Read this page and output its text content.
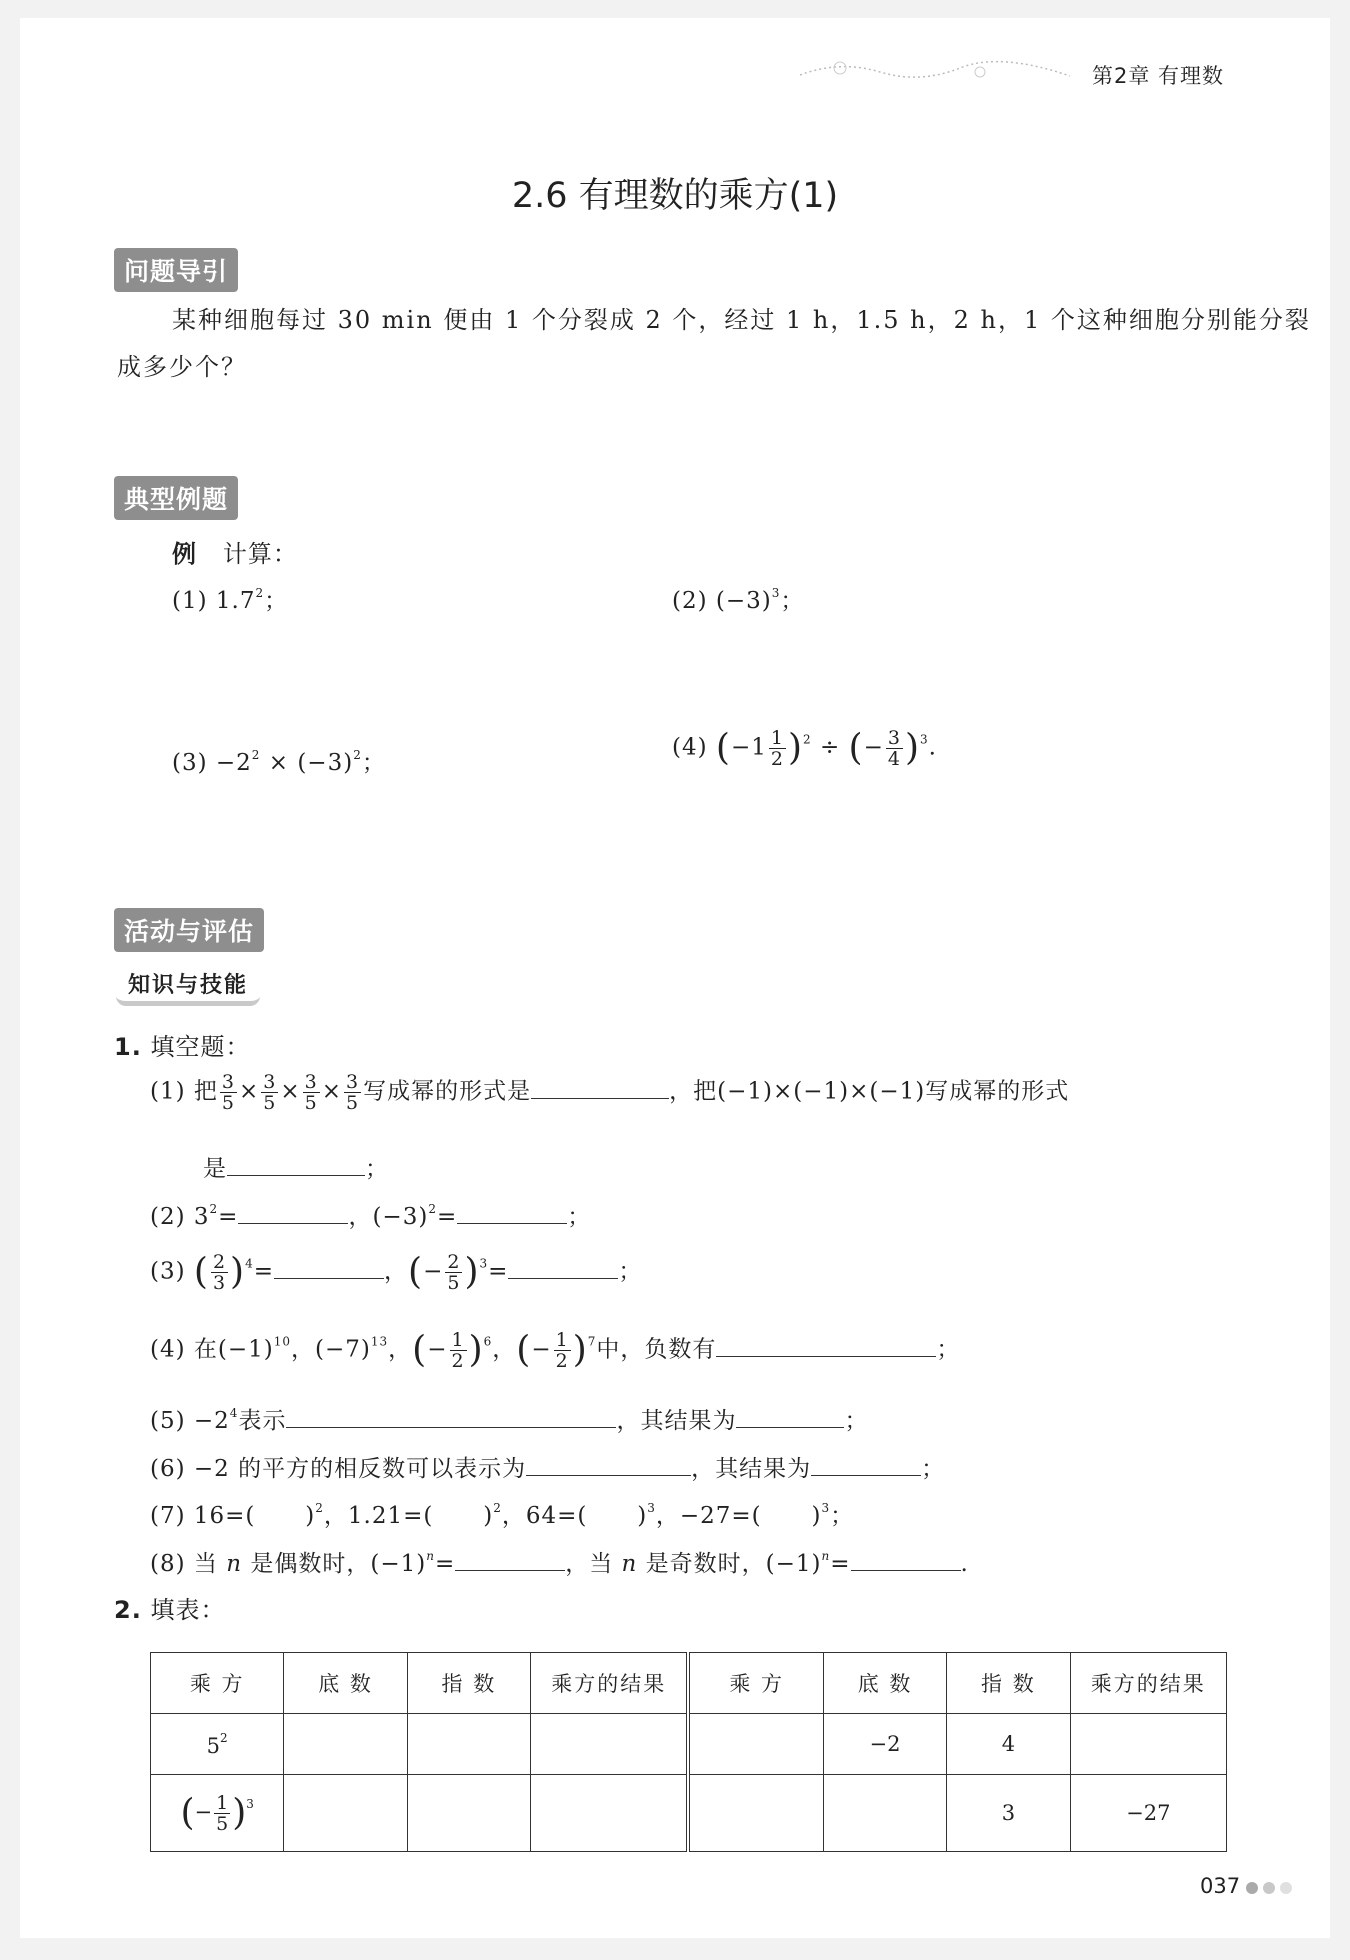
第2章 有理数
2.6 有理数的乘方(1)
问题导引
某种细胞每过 30 min 便由 1 个分裂成 2 个，经过 1 h，1.5 h，2 h，1 个这种细胞分别能分裂
成多少个？
典型例题
例 计算：
(1) $1.7^2$；	(2) $(-3)^3$；
$(3) -2^2 \times (-3)^2$；
(4) $(-1 \frac{1}{2} )^2$ ÷ (− $\frac{3}{4} )^3$.
活动与评估
知识与技能
1. 填空题：
(1) 把 $\frac{3}{5} \times \frac{3}{5} \times \frac{3}{5} \times \frac{3}{5}$ 写成幂的形式是	，把(−1)×(−1)×(−1)写成幂的形式
是	；
(2) $3^2=$	，$(-3)^2=$	；
(3) ( $\frac{2}{3} )^4=$	，(− $\frac{2}{5} )^3=$	；
(4) 在$(-1)^{10}$，$(-7)^{13}$，(− $\frac{1}{2} )^6$，(− $\frac{1}{2} )^7$中，负数有	；
$(5) -2^4$表示	，其结果为	；
(6) −2 的平方的相反数可以表示为	，其结果为	；
(7) 16=( )$^2$，1.21=(      )$^2$，64=(      )$^3$，−27=(      )$^3$；
(8) 当 n 是偶数时，$(-1)^n=$	，当 n 是奇数时，$(-1)^n=$	.
2. 填表：
乘 方	底 数	指 数	乘方的结果	乘 方	底 数	指 数	乘方的结果
$5^2$					−2	4	
(− $\frac{1}{5} )^3$						3	−27
037
